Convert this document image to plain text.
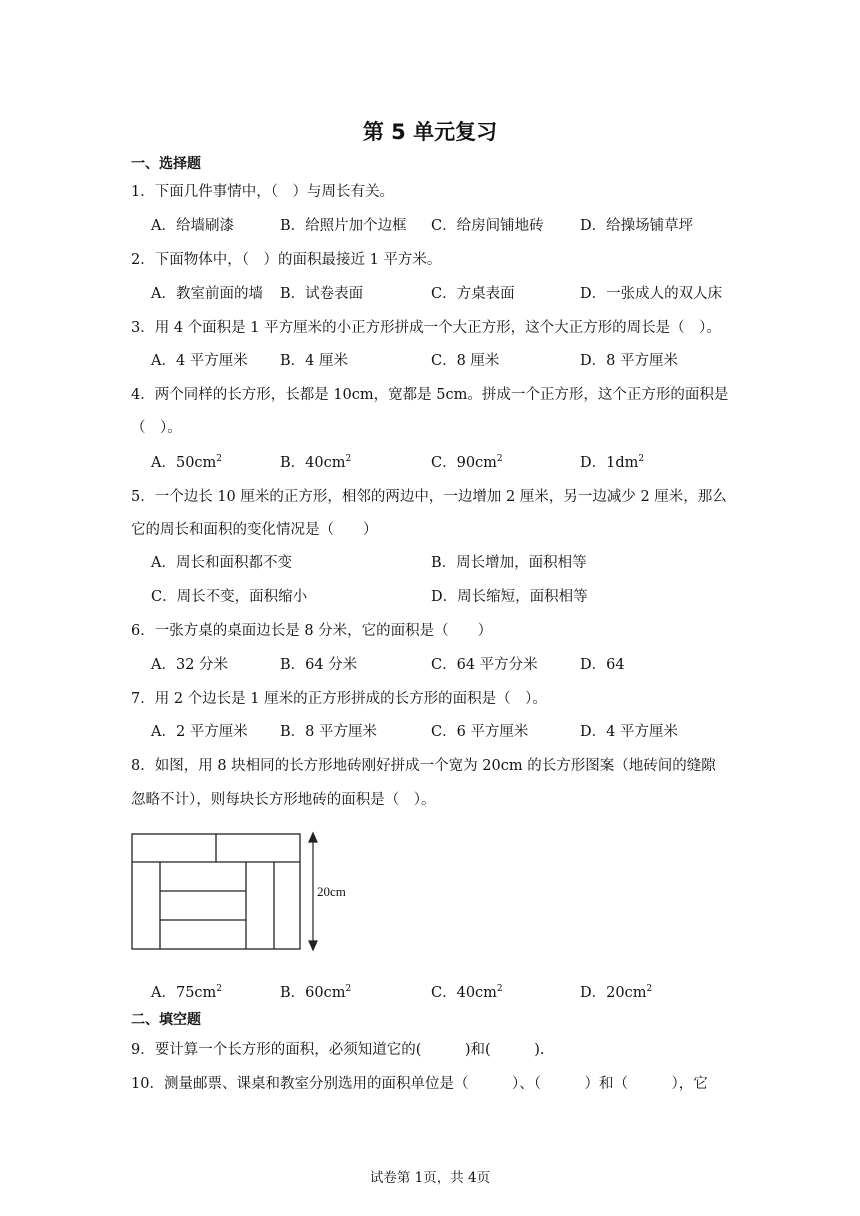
第 5 单元复习
一、选择题
1．下面几件事情中，（　）与周长有关。
A．给墙刷漆	B．给照片加个边框 C．给房间铺地砖	D．给操场铺草坪
2．下面物体中，（　）的面积最接近 1 平方米。
A．教室前面的墙 B．试卷表面	C．方桌表面	D．一张成人的双人床
3．用 4 个面积是 1 平方厘米的小正方形拼成一个大正方形，这个大正方形的周长是（　）。
A．4 平方厘米 B．4 厘米	C．8 厘米	D．8 平方厘米
4．两个同样的长方形，长都是 10cm，宽都是 5cm。拼成一个正方形，这个正方形的面积是
（　）。
A．$50cm^2$	B．$40cm^2$	C．$90cm^2$	D．$1dm^2$
5．一个边长 10 厘米的正方形，相邻的两边中，一边增加 2 厘米，另一边减少 2 厘米，那么
它的周长和面积的变化情况是（　　）
A．周长和面积都不变	B．周长增加，面积相等
C．周长不变，面积缩小	D．周长缩短，面积相等
6．一张方桌的桌面边长是 8 分米，它的面积是（　　）
A．32 分米	B．64 分米	C．64 平方分米	D．64
7．用 2 个边长是 1 厘米的正方形拼成的长方形的面积是（　）。
A．2 平方厘米 B．8 平方厘米	C．6 平方厘米	D．4 平方厘米
8．如图，用 8 块相同的长方形地砖刚好拼成一个宽为 20cm 的长方形图案（地砖间的缝隙
忽略不计），则每块长方形地砖的面积是（　）。
20cm
A．$75cm^2$	B．$60cm^2$	C．$40cm^2$	D．$20cm^2$
二、填空题
9．要计算一个长方形的面积，必须知道它的(　　　)和(　　　).
10．测量邮票、课桌和教室分别选用的面积单位是（　　　）、（　　　）和（　　　），它
试卷第 1页，共 4页
